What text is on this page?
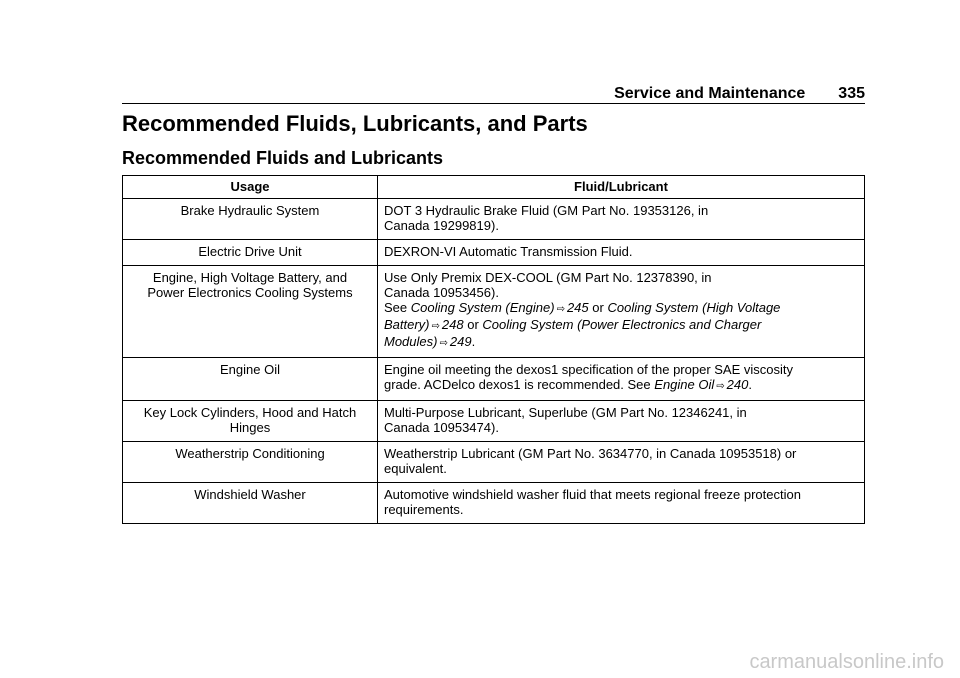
Service and Maintenance 335
Recommended Fluids, Lubricants, and Parts
Recommended Fluids and Lubricants
Usage	Fluid/Lubricant
Brake Hydraulic System	DOT 3 Hydraulic Brake Fluid (GM Part No. 19353126, in
Canada 19299819).

Electric Drive Unit	DEXRON-VI Automatic Transmission Fluid.

Engine, High Voltage Battery, and
Power Electronics Cooling Systems	Use Only Premix DEX-COOL (GM Part No. 12378390, in
Canada 10953456).
See Cooling System (Engine) ⇨ 245 or Cooling System (High Voltage Battery) ⇨ 248 or Cooling System (Power Electronics and Charger Modules) ⇨ 249.

Engine Oil	Engine oil meeting the dexos1 specification of the proper SAE viscosity
grade. ACDelco dexos1 is recommended. See Engine Oil ⇨ 240.

Key Lock Cylinders, Hood and Hatch
Hinges	Multi-Purpose Lubricant, Superlube (GM Part No. 12346241, in
Canada 10953474).

Weatherstrip Conditioning	Weatherstrip Lubricant (GM Part No. 3634770, in Canada 10953518) or
equivalent.

Windshield Washer	Automotive windshield washer fluid that meets regional freeze protection
requirements.
carmanualsonline.info
